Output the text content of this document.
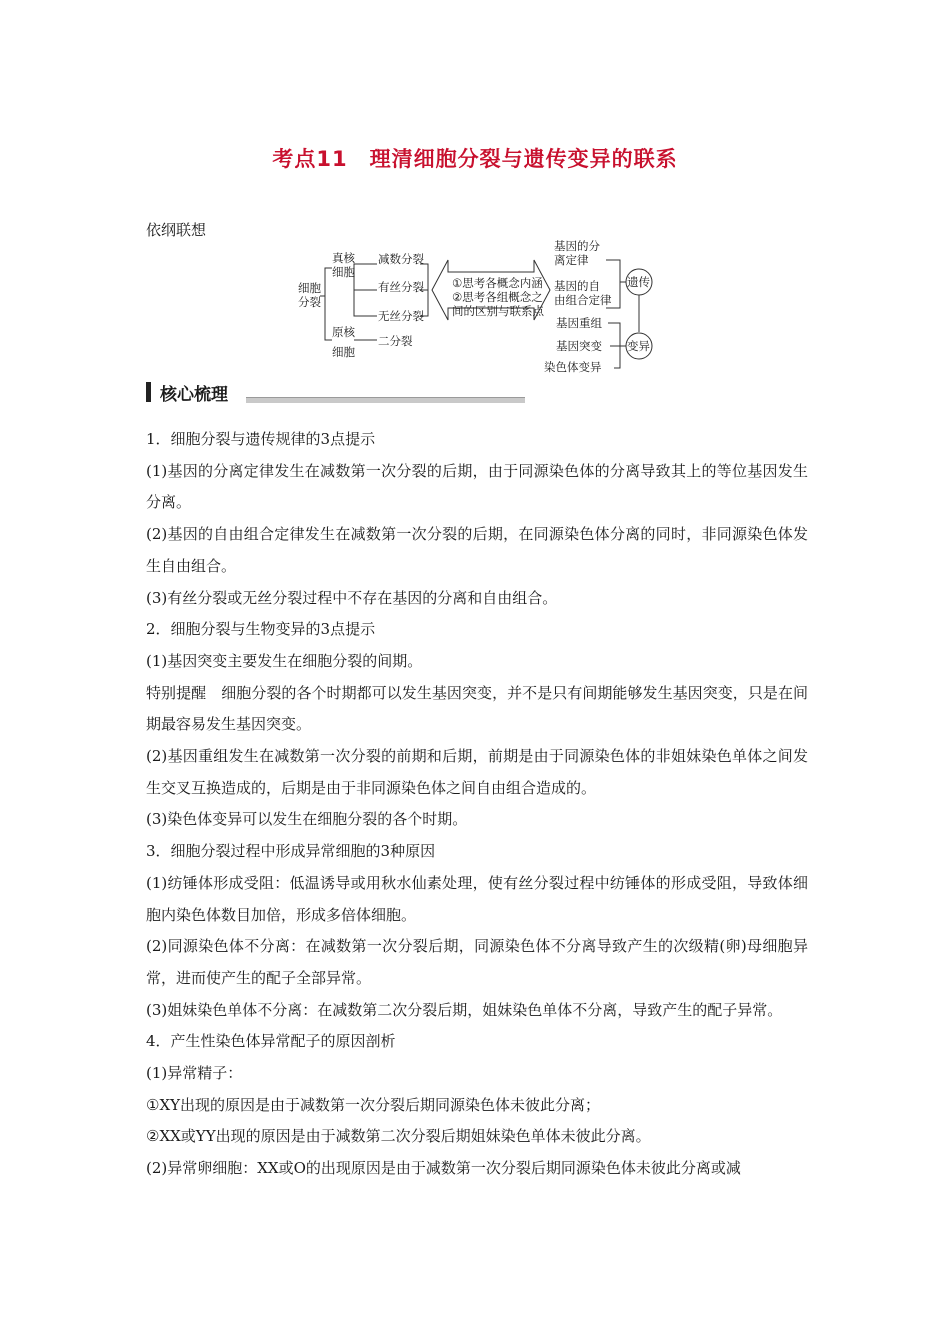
考点11　理清细胞分裂与遗传变异的联系
依纲联想
细胞
分裂
真核
细胞
原核
细胞
减数分裂
有丝分裂
无丝分裂
二分裂
①思考各概念内涵
②思考各组概念之
间的区别与联系点
基因的分
离定律
基因的自
由组合定律
基因重组
基因突变
染色体变异
遗传
变异
核心梳理

1．细胞分裂与遗传规律的3点提示

(1)基因的分离定律发生在减数第一次分裂的后期，由于同源染色体的分离导致其上的等位基因发生分离。

(2)基因的自由组合定律发生在减数第一次分裂的后期，在同源染色体分离的同时，非同源染色体发生自由组合。

(3)有丝分裂或无丝分裂过程中不存在基因的分离和自由组合。

2．细胞分裂与生物变异的3点提示

(1)基因突变主要发生在细胞分裂的间期。

特别提醒　细胞分裂的各个时期都可以发生基因突变，并不是只有间期能够发生基因突变，只是在间期最容易发生基因突变。

(2)基因重组发生在减数第一次分裂的前期和后期，前期是由于同源染色体的非姐妹染色单体之间发生交叉互换造成的，后期是由于非同源染色体之间自由组合造成的。

(3)染色体变异可以发生在细胞分裂的各个时期。

3．细胞分裂过程中形成异常细胞的3种原因

(1)纺锤体形成受阻：低温诱导或用秋水仙素处理，使有丝分裂过程中纺锤体的形成受阻，导致体细胞内染色体数目加倍，形成多倍体细胞。

(2)同源染色体不分离：在减数第一次分裂后期，同源染色体不分离导致产生的次级精(卵)母细胞异常，进而使产生的配子全部异常。

(3)姐妹染色单体不分离：在减数第二次分裂后期，姐妹染色单体不分离，导致产生的配子异常。

4．产生性染色体异常配子的原因剖析

(1)异常精子：

①XY出现的原因是由于减数第一次分裂后期同源染色体未彼此分离；

②XX或YY出现的原因是由于减数第二次分裂后期姐妹染色单体未彼此分离。

(2)异常卵细胞：XX或O的出现原因是由于减数第一次分裂后期同源染色体未彼此分离或减
